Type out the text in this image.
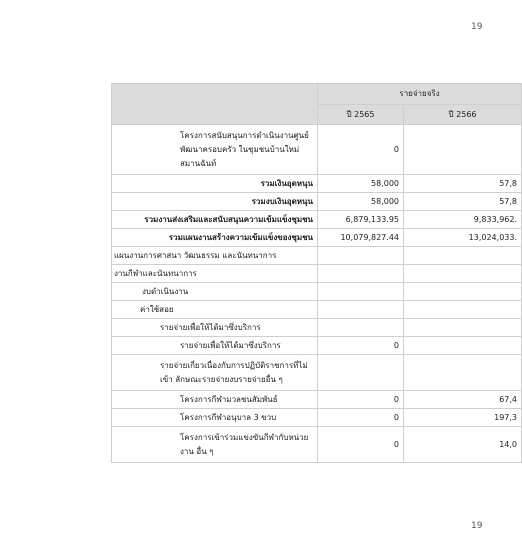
19
	รายจ่ายจริง	
	ปี 2565	ปี 2566
โครงการสนับสนุนการดำเนินงานศูนย์ พัฒนาครอบครัว ในชุมชนบ้านใหม่สมานฉันท์	0	
รวมเงินอุดหนุน	58,000	57,8
รวมงบเงินอุดหนุน	58,000	57,8
รวมงานส่งเสริมและสนับสนุนความเข้มแข็งชุมชน	6,879,133.95	9,833,962.
รวมแผนงานสร้างความเข้มแข็งของชุมชน	10,079,827.44	13,024,033.
แผนงานการศาสนา วัฒนธรรม และนันทนาการ		
งานกีฬาและนันทนาการ		
งบดำเนินงาน		
ค่าใช้สอย		
รายจ่ายเพื่อให้ได้มาซึ่งบริการ		
รายจ่ายเพื่อให้ได้มาซึ่งบริการ	0	
รายจ่ายเกี่ยวเนื่องกับการปฏิบัติราชการที่ไม่เข้า ลักษณะรายจ่ายงบรายจ่ายอื่น ๆ		
โครงการกีฬามวลชนสัมพันธ์	0	67,4
โครงการกีฬาอนุบาล 3 ขวบ	0	197,3
โครงการเข้าร่วมแข่งขันกีฬากับหน่วยงาน อื่น ๆ	0	14,0
19
